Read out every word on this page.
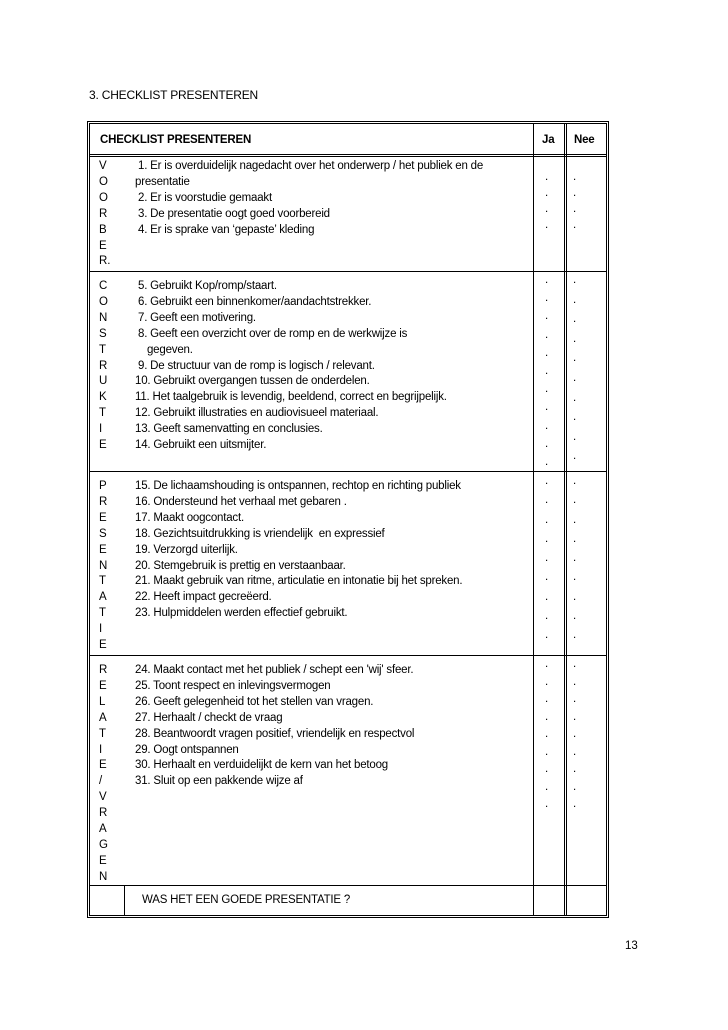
3. CHECKLIST PRESENTEREN
CHECKLIST PRESENTEREN	Ja Nee
V
O
O
R
B
E
R.
1. Er is overduidelijk nagedacht over het onderwerp / het publiek en de
presentatie
2. Er is voorstudie gemaakt
3. De presentatie oogt goed voorbereid
4. Er is sprake van ‘gepaste’ kleding
.
.
.
.
.
.
.
.
C
O
N
S
T
R
U
K
T
I
E
5. Gebruikt Kop/romp/staart.
6. Gebruikt een binnenkomer/aandachtstrekker.
7. Geeft een motivering.
8. Geeft een overzicht over de romp en de werkwijze is
gegeven.
9. De structuur van de romp is logisch / relevant.
10. Gebruikt overgangen tussen de onderdelen.
11. Het taalgebruik is levendig, beeldend, correct en begrijpelijk.
12. Gebruikt illustraties en audiovisueel materiaal.
13. Geeft samenvatting en conclusies.
14. Gebruikt een uitsmijter.
.
.
.
.
.
.
.
.
.
.
.
.
.
.
.
.
.
.
.
.
.
P
R
E
S
E
N
T
A
T
I
E
15. De lichaamshouding is ontspannen, rechtop en richting publiek
16. Ondersteund het verhaal met gebaren .
17. Maakt oogcontact.
18. Gezichtsuitdrukking is vriendelijk  en expressief
19. Verzorgd uiterlijk.
20. Stemgebruik is prettig en verstaanbaar.
21. Maakt gebruik van ritme, articulatie en intonatie bij het spreken.
22. Heeft impact gecreëerd.
23. Hulpmiddelen werden effectief gebruikt.
.
.
.
.
.
.
.
.
.
.
.
.
.
.
.
.
.
.
R
E
L
A
T
I
E
/
V
R
A
G
E
N
24. Maakt contact met het publiek / schept een 'wij' sfeer.
25. Toont respect en inlevingsvermogen
26. Geeft gelegenheid tot het stellen van vragen.
27. Herhaalt / checkt de vraag
28. Beantwoordt vragen positief, vriendelijk en respectvol
29. Oogt ontspannen
30. Herhaalt en verduidelijkt de kern van het betoog
31. Sluit op een pakkende wijze af
.
.
.
.
.
.
.
.
.
.
.
.
.
.
.
.
.
.
WAS HET EEN GOEDE PRESENTATIE ?
13
